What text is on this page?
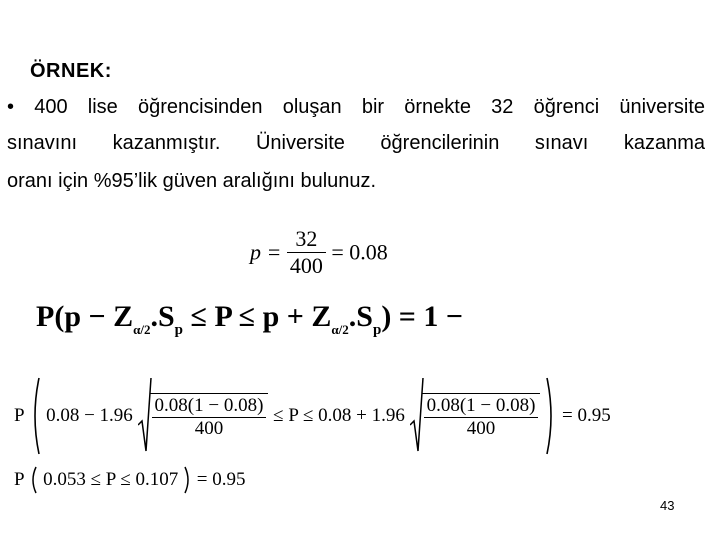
ÖRNEK:
• 400 lise öğrencisinden oluşan bir örnekte 32 öğrenci üniversite
sınavını kazanmıştır. Üniversite öğrencilerinin sınavı kazanma
oranı için %95’lik güven aralığını bulunuz.
$p = \frac{32}{400} = 0.08$
$P(p - Z_{\alpha/2}.S_p \le P \le p + Z_{\alpha/2}.S_p) = 1$ −
P $0.08 - 1.96 \frac{0.08(1 - 0.08)}{400} \le P \le 0.08 + 1.96 \frac{0.08(1 - 0.08)}{400} = 0.95$
P 0.053 ≤ P ≤ 0.107 = 0.95
43
